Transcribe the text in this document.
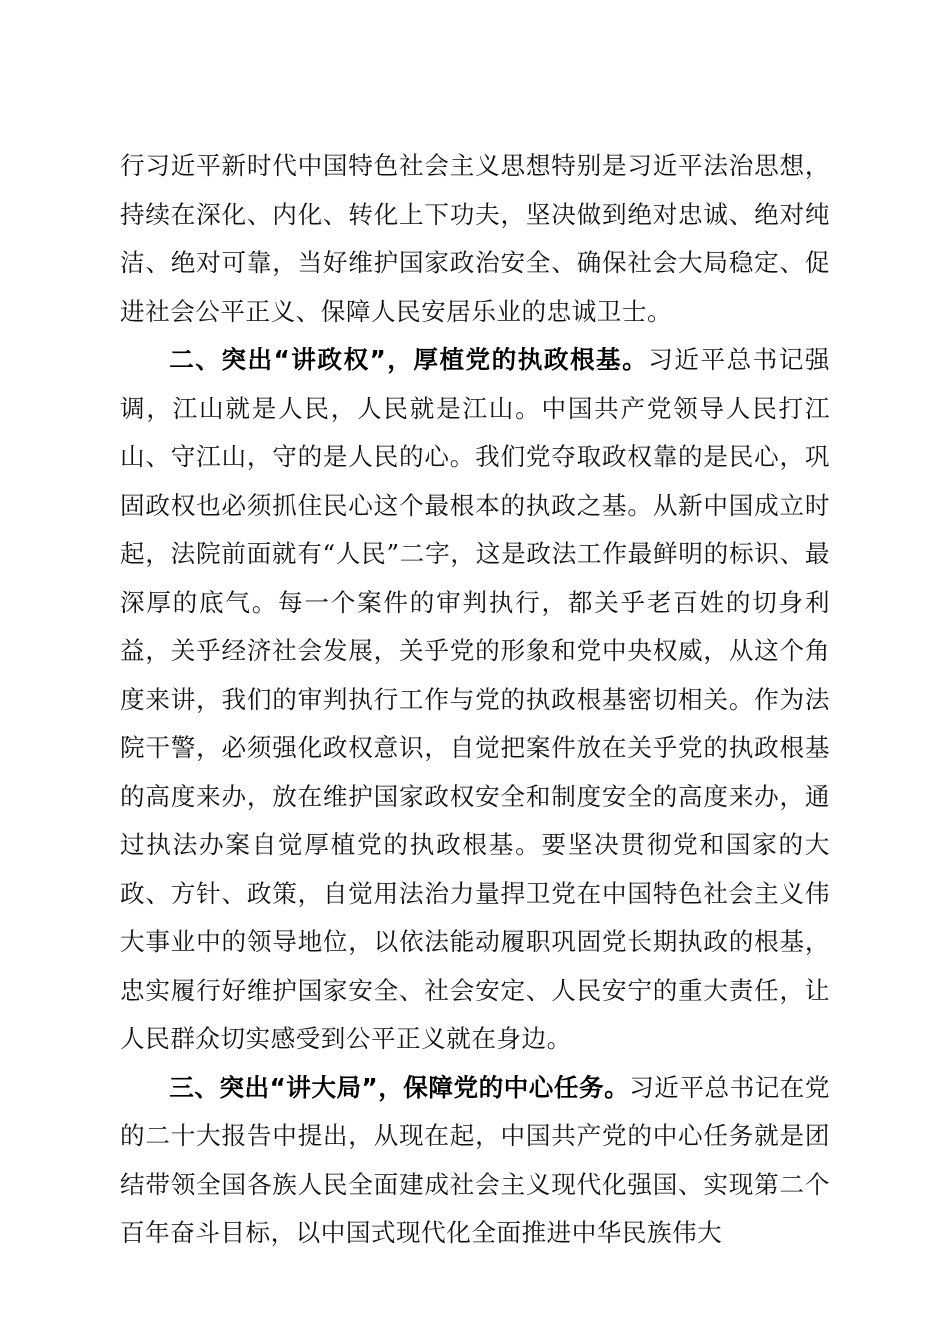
行习近平新时代中国特色社会主义思想特别是习近平法治思想，持续在深化、内化、转化上下功夫，坚决做到绝对忠诚、绝对纯洁、绝对可靠，当好维护国家政治安全、确保社会大局稳定、促进社会公平正义、保障人民安居乐业的忠诚卫士。

二、突出“讲政权”，厚植党的执政根基。习近平总书记强调，江山就是人民，人民就是江山。中国共产党领导人民打江山、守江山，守的是人民的心。我们党夺取政权靠的是民心，巩固政权也必须抓住民心这个最根本的执政之基。从新中国成立时起，法院前面就有“人民”二字，这是政法工作最鲜明的标识、最深厚的底气。每一个案件的审判执行，都关乎老百姓的切身利益，关乎经济社会发展，关乎党的形象和党中央权威，从这个角度来讲，我们的审判执行工作与党的执政根基密切相关。作为法院干警，必须强化政权意识，自觉把案件放在关乎党的执政根基的高度来办，放在维护国家政权安全和制度安全的高度来办，通过执法办案自觉厚植党的执政根基。要坚决贯彻党和国家的大政、方针、政策，自觉用法治力量捍卫党在中国特色社会主义伟大事业中的领导地位，以依法能动履职巩固党长期执政的根基，忠实履行好维护国家安全、社会安定、人民安宁的重大责任，让人民群众切实感受到公平正义就在身边。

三、突出“讲大局”，保障党的中心任务。习近平总书记在党的二十大报告中提出，从现在起，中国共产党的中心任务就是团结带领全国各族人民全面建成社会主义现代化强国、实现第二个百年奋斗目标，以中国式现代化全面推进中华民族伟大
